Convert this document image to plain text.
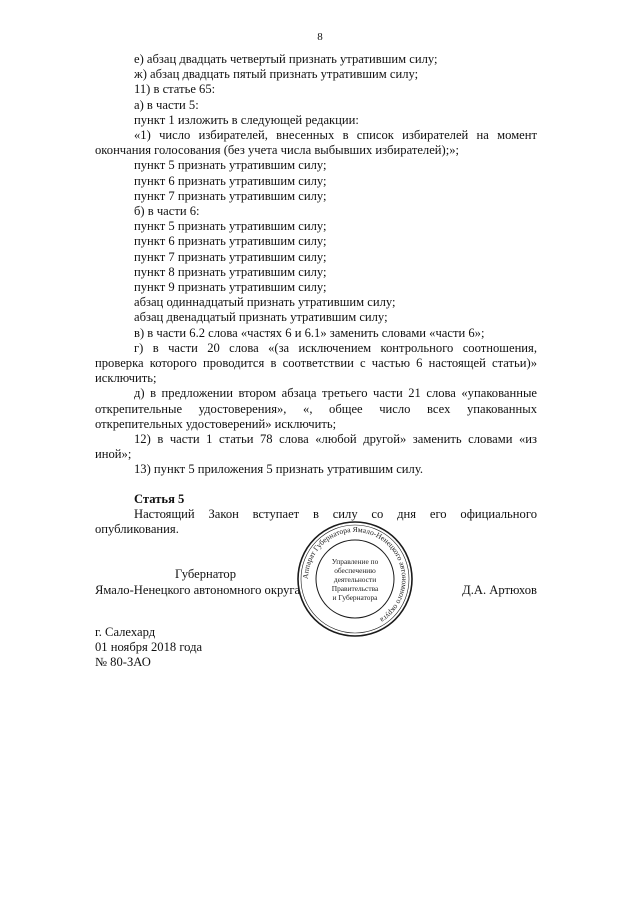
8

е) абзац двадцать четвертый признать утратившим силу;

ж) абзац двадцать пятый признать утратившим силу;

11) в статье 65:

а) в части 5:

пункт 1 изложить в следующей редакции:

«1) число избирателей, внесенных в список избирателей на момент окончания голосования (без учета числа выбывших избирателей);»;

пункт 5 признать утратившим силу;

пункт 6 признать утратившим силу;

пункт 7 признать утратившим силу;

б) в части 6:

пункт 5 признать утратившим силу;

пункт 6 признать утратившим силу;

пункт 7 признать утратившим силу;

пункт 8 признать утратившим силу;

пункт 9 признать утратившим силу;

абзац одиннадцатый признать утратившим силу;

абзац двенадцатый признать утратившим силу;

в) в части 6.2 слова «частях 6 и 6.1» заменить словами «части 6»;

г) в части 20 слова «(за исключением контрольного соотношения, проверка которого проводится в соответствии с частью 6 настоящей статьи)» исключить;

д) в предложении втором абзаца третьего части 21 слова «упакованные открепительные удостоверения», «, общее число всех упакованных открепительных удостоверений» исключить;

12) в части 1 статьи 78 слова «любой другой» заменить словами «из иной»;

13) пункт 5 приложения 5 признать утратившим силу.

Статья 5

Настоящий Закон вступает в силу со дня его официального опубликования.

Губернатор
Ямало-Ненецкого автономного округа	Д.А. Артюхов
Аппарат Губернатора Ямало-Ненецкого автономного округа
Управление по
обеспечению
деятельности
Правительства
и Губернатора

г. Салехард

01 ноября 2018 года

№ 80-ЗАО
